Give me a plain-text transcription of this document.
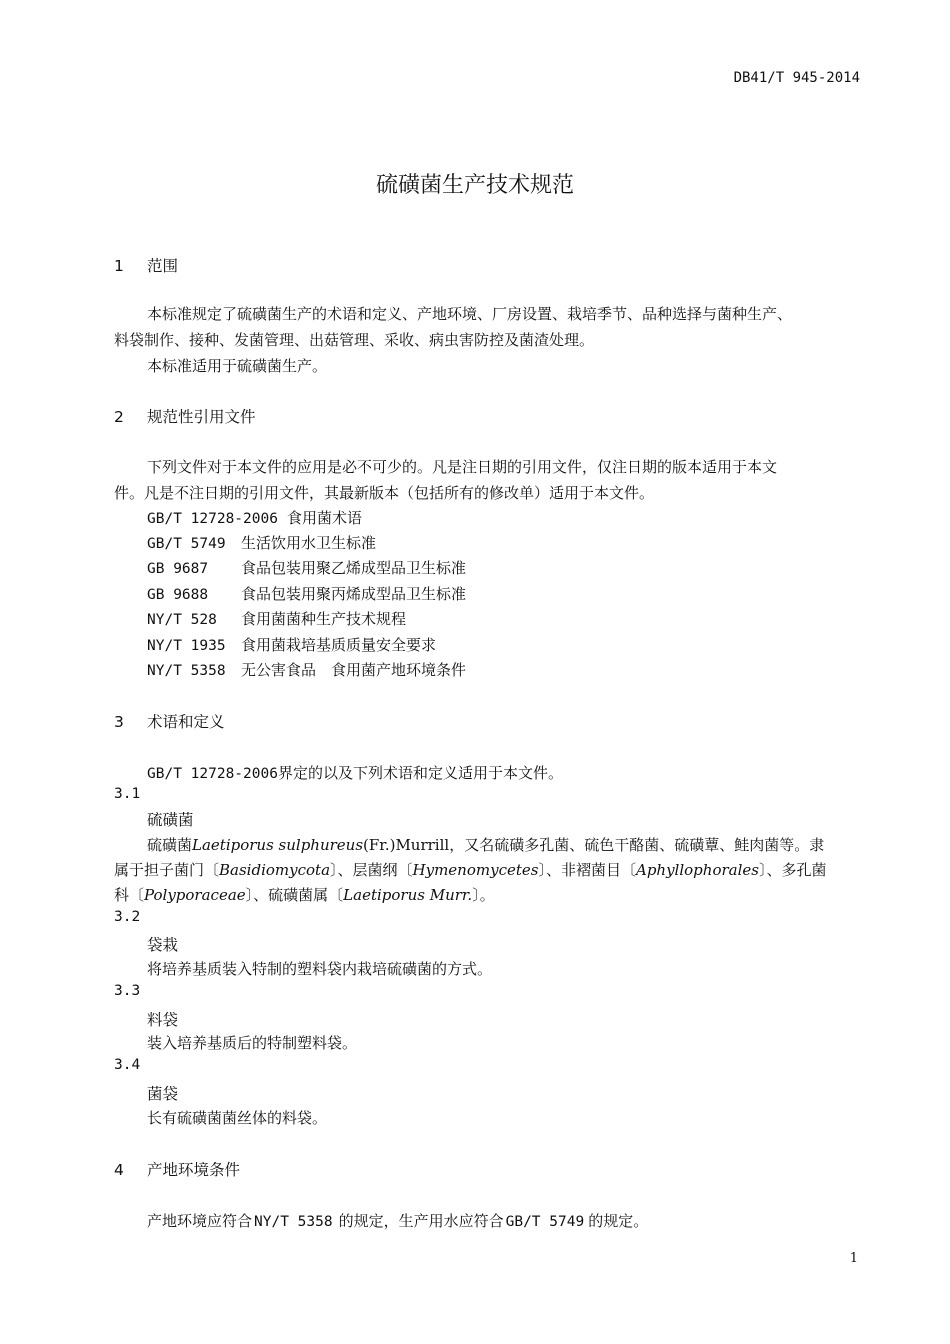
DB41/T 945-2014
硫磺菌生产技术规范
1 范围
本标准规定了硫磺菌生产的术语和定义、产地环境、厂房设置、栽培季节、品种选择与菌种生产、
料袋制作、接种、发菌管理、出菇管理、采收、病虫害防控及菌渣处理。
本标准适用于硫磺菌生产。
2 规范性引用文件
下列文件对于本文件的应用是必不可少的。凡是注日期的引用文件，仅注日期的版本适用于本文
件。凡是不注日期的引用文件，其最新版本（包括所有的修改单）适用于本文件。
GB/T 12728-2006 食用菌术语
GB/T 5749 生活饮用水卫生标准
GB 9687 食品包装用聚乙烯成型品卫生标准
GB 9688 食品包装用聚丙烯成型品卫生标准
NY/T 528 食用菌菌种生产技术规程
NY/T 1935 食用菌栽培基质质量安全要求
NY/T 5358 无公害食品　食用菌产地环境条件
3 术语和定义
GB/T 12728-2006界定的以及下列术语和定义适用于本文件。
3.1
硫磺菌
硫磺菌Laetiporus sulphureus(Fr.)Murrill，又名硫磺多孔菌、硫色干酪菌、硫磺蕈、鲑肉菌等。隶
属于担子菌门〔Basidiomycota〕、层菌纲〔Hymenomycetes〕、非褶菌目〔Aphyllophorales〕、多孔菌
科〔Polyporaceae〕、硫磺菌属〔Laetiporus Murr.〕。
3.2
袋栽
将培养基质装入特制的塑料袋内栽培硫磺菌的方式。
3.3
料袋
装入培养基质后的特制塑料袋。
3.4
菌袋
长有硫磺菌菌丝体的料袋。
4 产地环境条件
产地环境应符合 NY/T 5358 的规定，生产用水应符合 GB/T 5749 的规定。
1
